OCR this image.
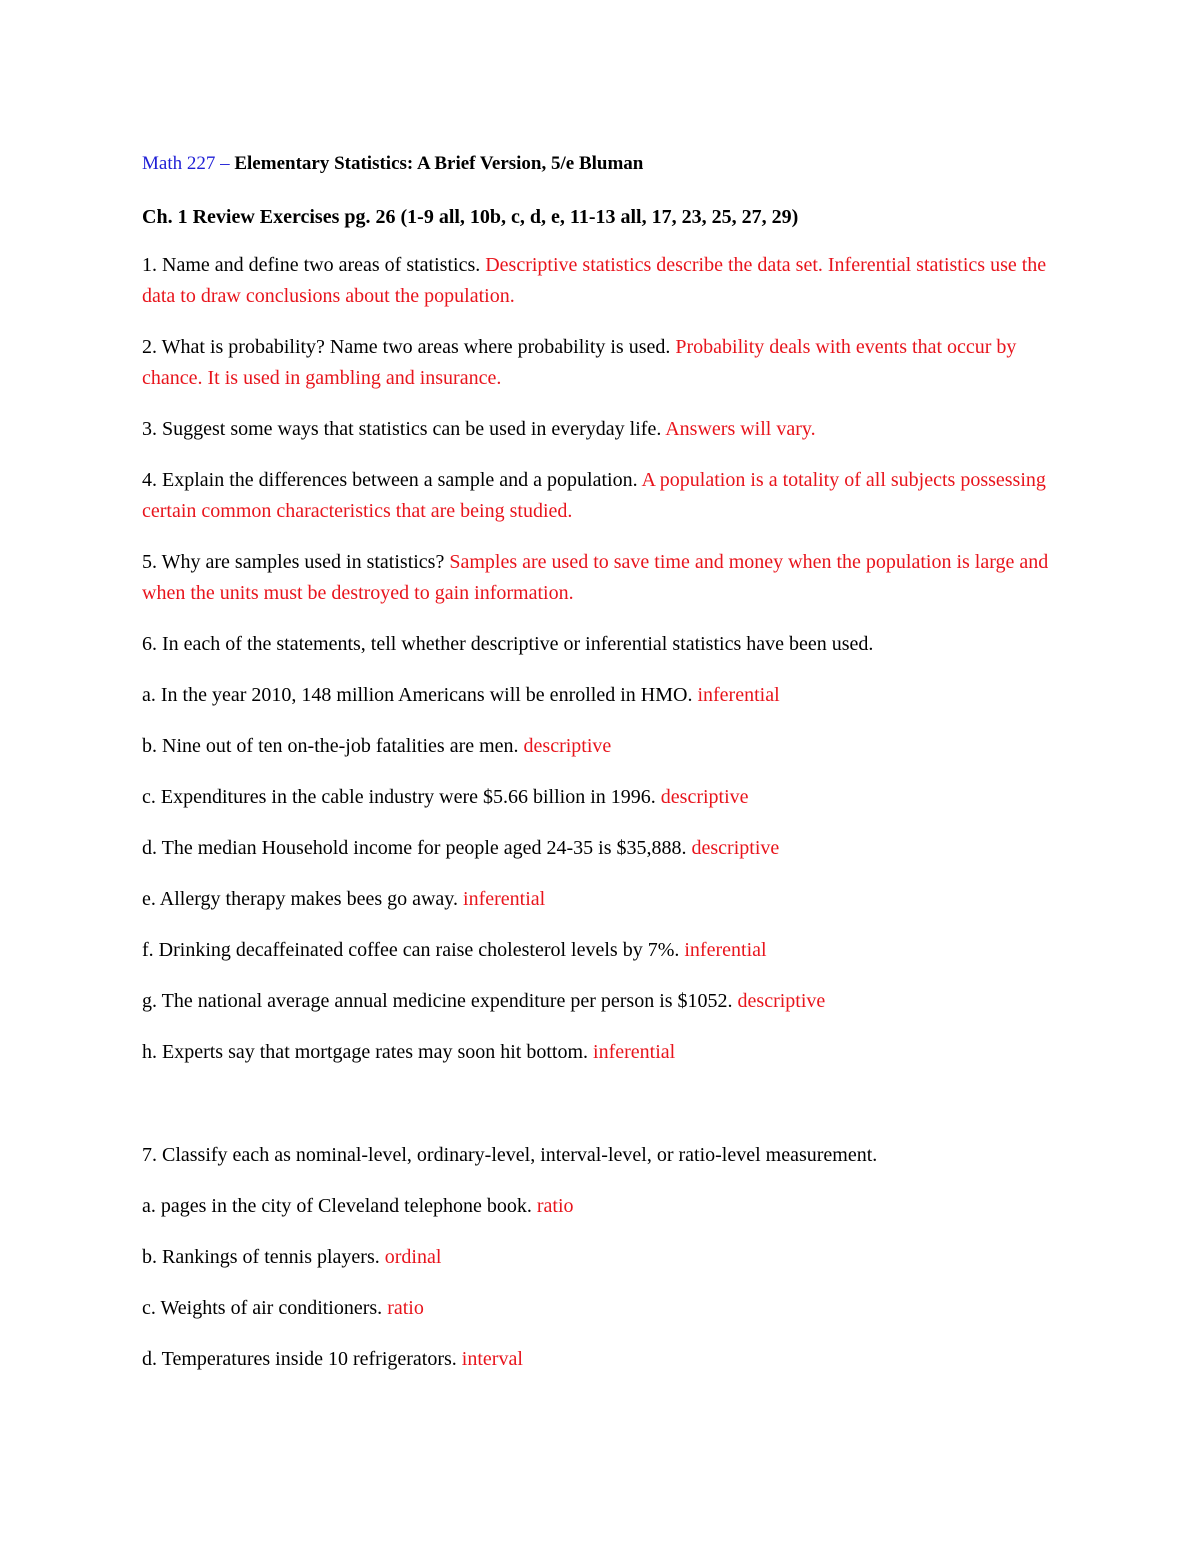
Math 227 – Elementary Statistics: A Brief Version, 5/e Bluman
Ch. 1 Review Exercises pg. 26 (1-9 all, 10b, c, d, e, 11-13 all, 17, 23, 25, 27, 29)
1. Name and define two areas of statistics. Descriptive statistics describe the data set. Inferential statistics use the data to draw conclusions about the population.
2. What is probability? Name two areas where probability is used. Probability deals with events that occur by chance. It is used in gambling and insurance.
3. Suggest some ways that statistics can be used in everyday life. Answers will vary.
4. Explain the differences between a sample and a population. A population is a totality of all subjects possessing certain common characteristics that are being studied.
5. Why are samples used in statistics? Samples are used to save time and money when the population is large and when the units must be destroyed to gain information.
6. In each of the statements, tell whether descriptive or inferential statistics have been used.
a. In the year 2010, 148 million Americans will be enrolled in HMO. inferential
b. Nine out of ten on-the-job fatalities are men. descriptive
c. Expenditures in the cable industry were $5.66 billion in 1996. descriptive
d. The median Household income for people aged 24-35 is $35,888. descriptive
e. Allergy therapy makes bees go away. inferential
f. Drinking decaffeinated coffee can raise cholesterol levels by 7%. inferential
g. The national average annual medicine expenditure per person is $1052. descriptive
h. Experts say that mortgage rates may soon hit bottom. inferential
7. Classify each as nominal-level, ordinary-level, interval-level, or ratio-level measurement.
a. pages in the city of Cleveland telephone book. ratio
b. Rankings of tennis players. ordinal
c. Weights of air conditioners. ratio
d. Temperatures inside 10 refrigerators. interval
